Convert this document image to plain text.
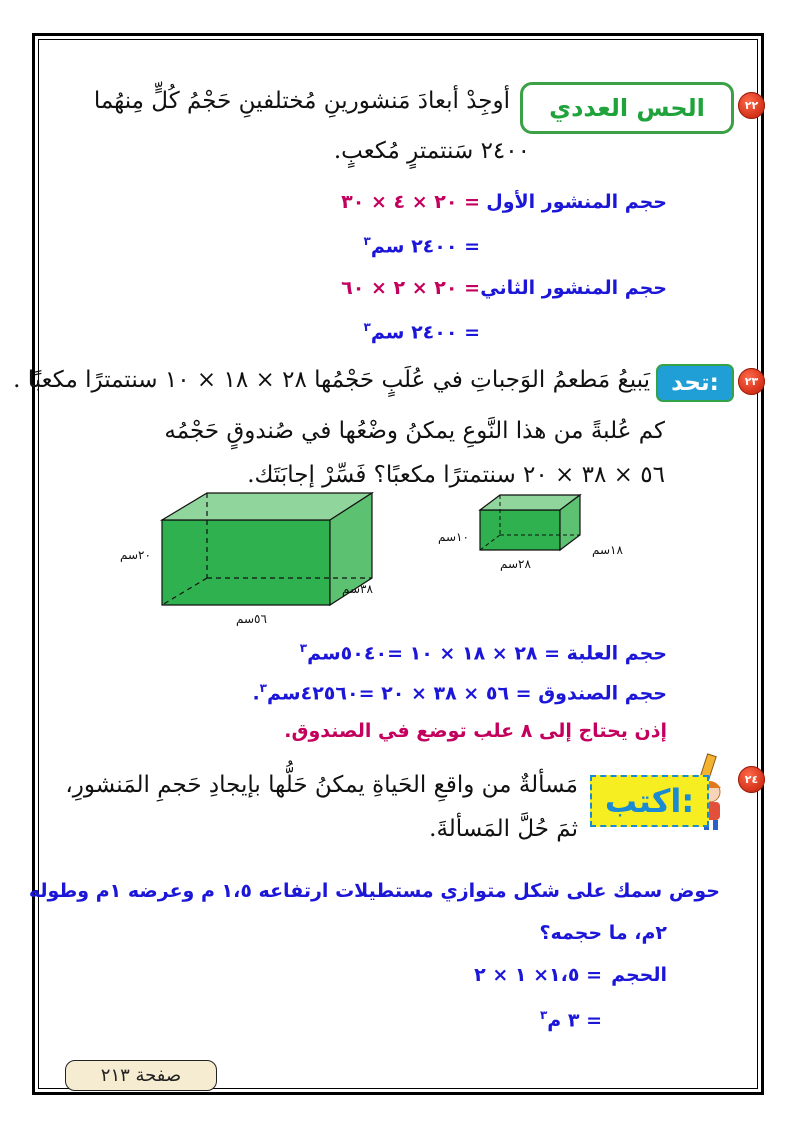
٢٢
الحس العددي
أوجِدْ أبعادَ مَنشورينِ مُختلفينِ حَجْمُ كُلٍّ مِنهُما
٢٤٠٠ سَنتمترٍ مُكعبٍ.
حجم المنشور الأول
= ٢٠ × ٤ × ٣٠
= ٢٤٠٠ سم$^٣$
حجم المنشور الثاني
= ٢٠ × ٢ × ٦٠
= ٢٤٠٠ سم$^٣$
٢٣
تحد:
يَبيعُ مَطعمُ الوَجباتِ في عُلَبٍ حَجْمُها ٢٨ × ١٨ × ١٠ سنتمترًا مكعبًا .
كم عُلبةً من هذا النَّوعِ يمكنُ وضْعُها في صُندوقٍ حَجْمُه
٥٦ × ٣٨ × ٢٠ سنتمترًا مكعبًا؟ فَسِّرْ إجابَتَك.
٢٠سم
٣٨سم
٥٦سم
١٠سم
١٨سم
٢٨سم
حجم العلبة = ٢٨ × ١٨ × ١٠ =٥٠٤٠سم$^٣$
حجم الصندوق = ٥٦ × ٣٨ × ٢٠ =٤٢٥٦٠سم$^٣$.
إذن يحتاج إلى ٨ علب توضع في الصندوق.
٢٤
اكتب:
مَسألةٌ من واقعِ الحَياةِ يمكنُ حَلُّها بإيجادِ حَجمِ المَنشورِ،
ثمَ حُلَّ المَسألةَ.
حوض سمك على شكل متوازي مستطيلات ارتفاعه ١،٥ م وعرضه ١م وطوله
٢م، ما حجمه؟
الحجم
= ١،٥× ١ × ٢
= ٣ م$^٣$
صفحة ٢١٣
